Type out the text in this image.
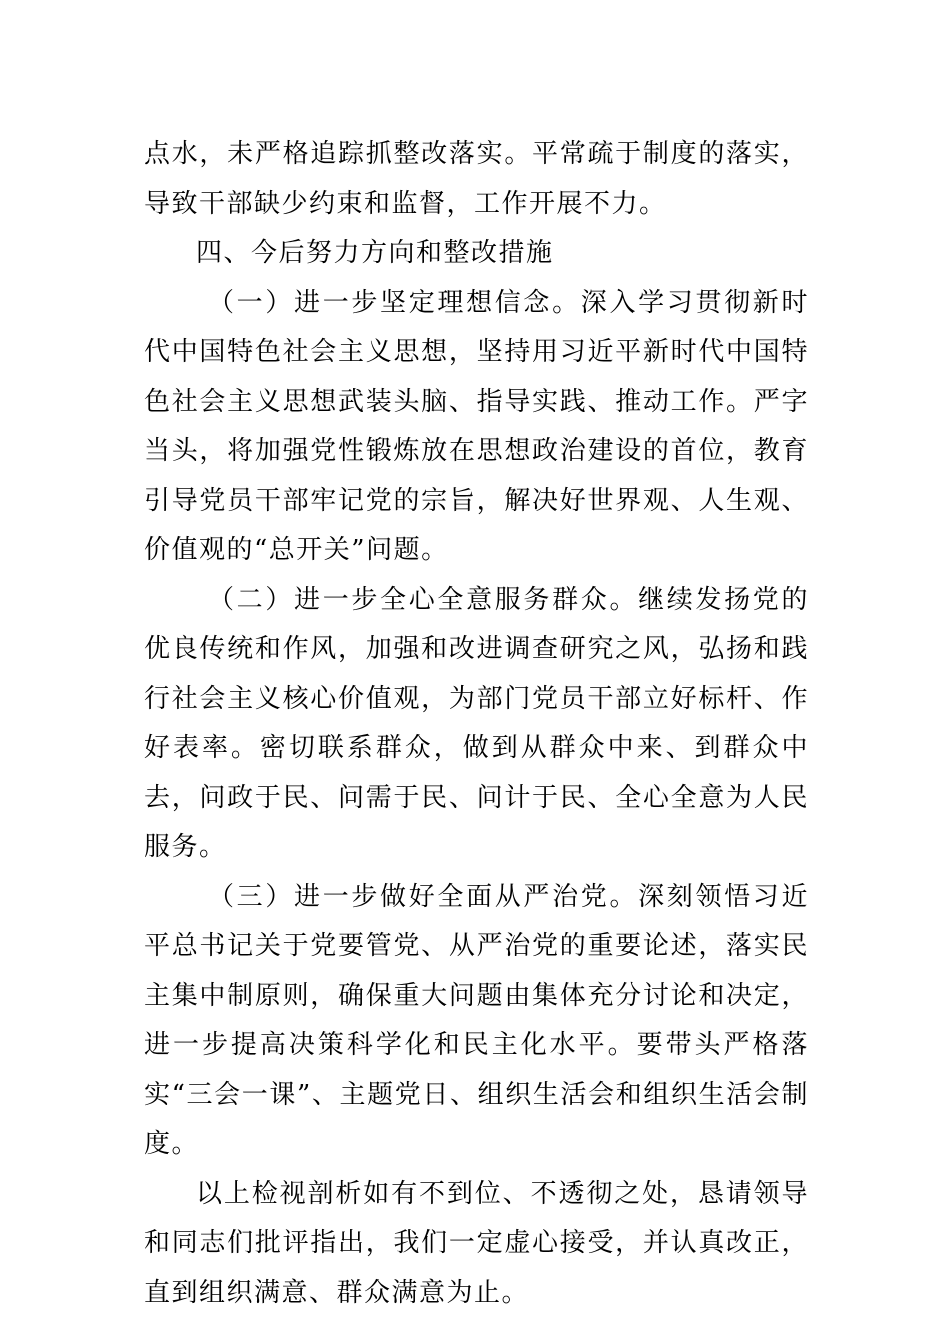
点水，未严格追踪抓整改落实。平常疏于制度的落实，导致干部缺少约束和监督，工作开展不力。

四、今后努力方向和整改措施

（一）进一步坚定理想信念。深入学习贯彻新时代中国特色社会主义思想，坚持用习近平新时代中国特色社会主义思想武装头脑、指导实践、推动工作。严字当头，将加强党性锻炼放在思想政治建设的首位，教育引导党员干部牢记党的宗旨，解决好世界观、人生观、价值观的“总开关”问题。

（二）进一步全心全意服务群众。继续发扬党的优良传统和作风，加强和改进调查研究之风，弘扬和践行社会主义核心价值观，为部门党员干部立好标杆、作好表率。密切联系群众，做到从群众中来、到群众中去，问政于民、问需于民、问计于民、全心全意为人民服务。

（三）进一步做好全面从严治党。深刻领悟习近平总书记关于党要管党、从严治党的重要论述，落实民主集中制原则，确保重大问题由集体充分讨论和决定，进一步提高决策科学化和民主化水平。要带头严格落实“三会一课”、主题党日、组织生活会和组织生活会制度。

以上检视剖析如有不到位、不透彻之处，恳请领导和同志们批评指出，我们一定虚心接受，并认真改正，直到组织满意、群众满意为止。
